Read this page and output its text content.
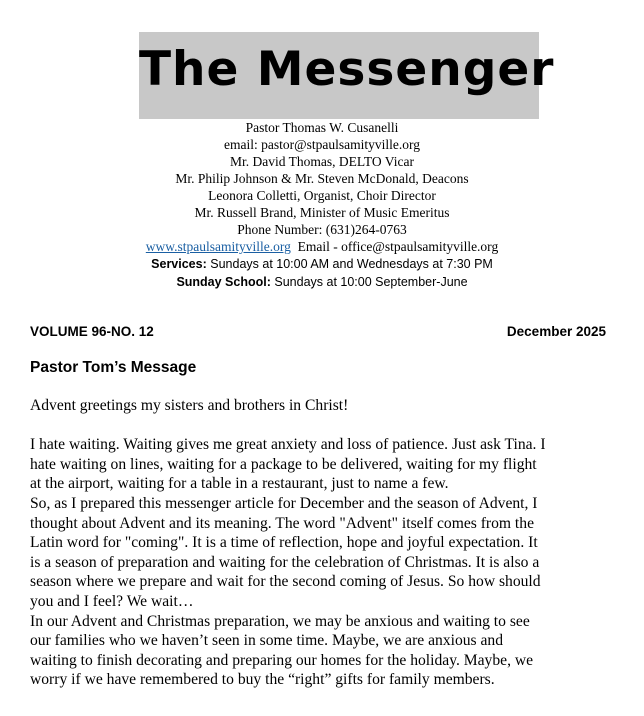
The Messenger
Pastor Thomas W. Cusanelli
email: pastor@stpaulsamityville.org
Mr. David Thomas, DELTO Vicar
Mr. Philip Johnson & Mr. Steven McDonald, Deacons
Leonora Colletti, Organist, Choir Director
Mr. Russell Brand, Minister of Music Emeritus
Phone Number: (631)264-0763
www.stpaulsamityville.org Email - office@stpaulsamityville.org
Services: Sundays at 10:00 AM and Wednesdays at 7:30 PM
Sunday School: Sundays at 10:00 September-June
VOLUME 96-NO. 12	December 2025
Pastor Tom’s Message
Advent greetings my sisters and brothers in Christ!
I hate waiting. Waiting gives me great anxiety and loss of patience. Just ask Tina. I
hate waiting on lines, waiting for a package to be delivered, waiting for my flight
at the airport, waiting for a table in a restaurant, just to name a few.
So, as I prepared this messenger article for December and the season of Advent, I
thought about Advent and its meaning. The word "Advent" itself comes from the
Latin word for "coming". It is a time of reflection, hope and joyful expectation. It
is a season of preparation and waiting for the celebration of Christmas. It is also a
season where we prepare and wait for the second coming of Jesus. So how should
you and I feel? We wait…
In our Advent and Christmas preparation, we may be anxious and waiting to see
our families who we haven’t seen in some time. Maybe, we are anxious and
waiting to finish decorating and preparing our homes for the holiday. Maybe, we
worry if we have remembered to buy the “right” gifts for family members.
